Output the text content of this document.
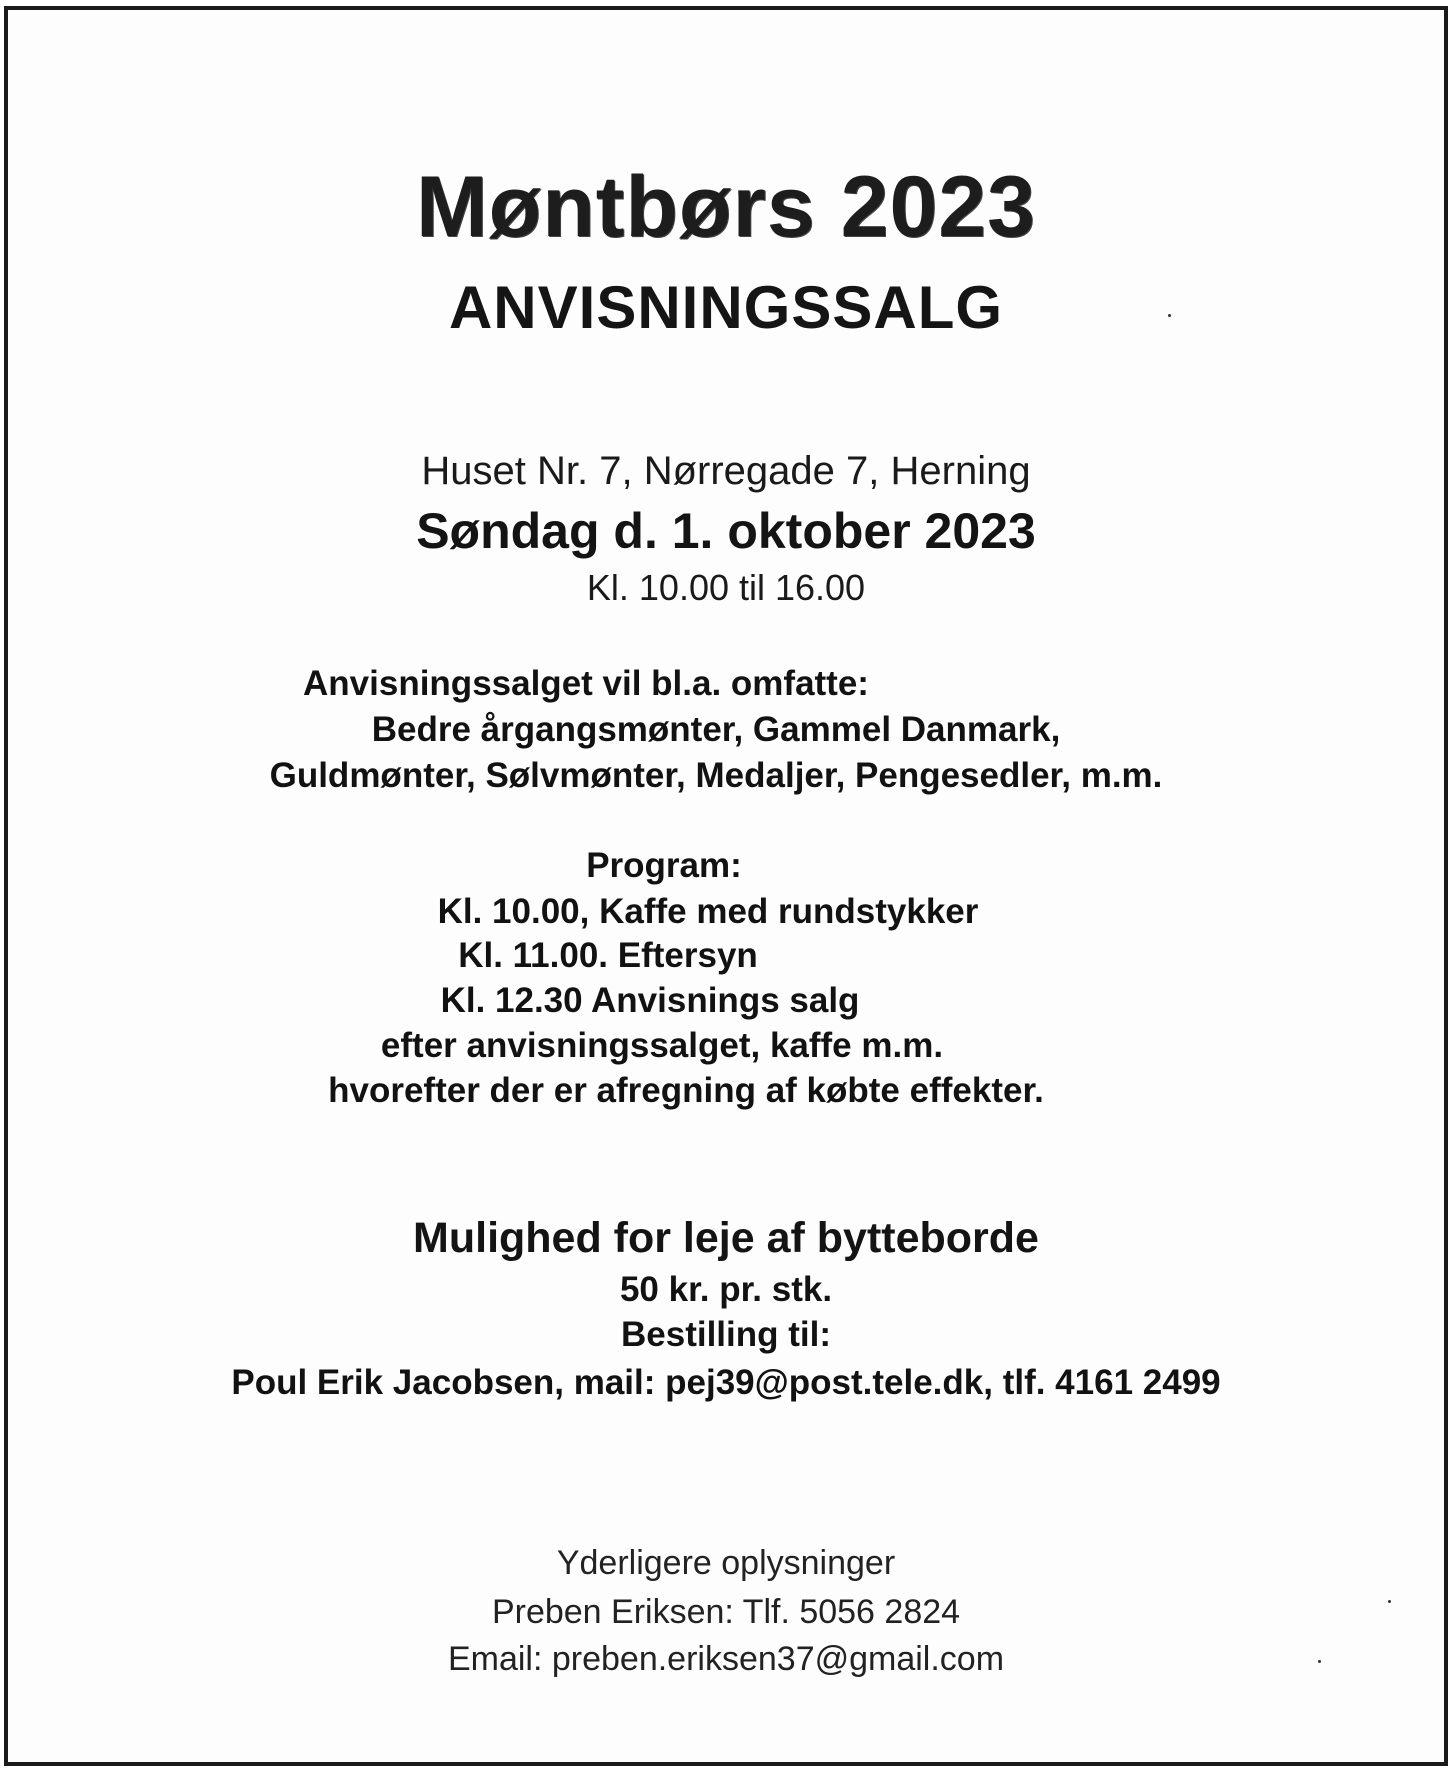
Møntbørs 2023
ANVISNINGSSALG

Huset Nr. 7, Nørregade 7, Herning

Søndag d. 1. oktober 2023

Kl. 10.00 til 16.00

Anvisningssalget vil bl.a. omfatte:

Bedre årgangsmønter, Gammel Danmark,

Guldmønter, Sølvmønter, Medaljer, Pengesedler, m.m.

Program:

Kl. 10.00, Kaffe med rundstykker

Kl. 11.00. Eftersyn

Kl. 12.30 Anvisnings salg

efter anvisningssalget, kaffe m.m.

hvorefter der er afregning af købte effekter.

Mulighed for leje af bytteborde

50 kr. pr. stk.

Bestilling til:

Poul Erik Jacobsen, mail: pej39@post.tele.dk, tlf. 4161 2499

Yderligere oplysninger

Preben Eriksen: Tlf. 5056 2824

Email: preben.eriksen37@gmail.com
